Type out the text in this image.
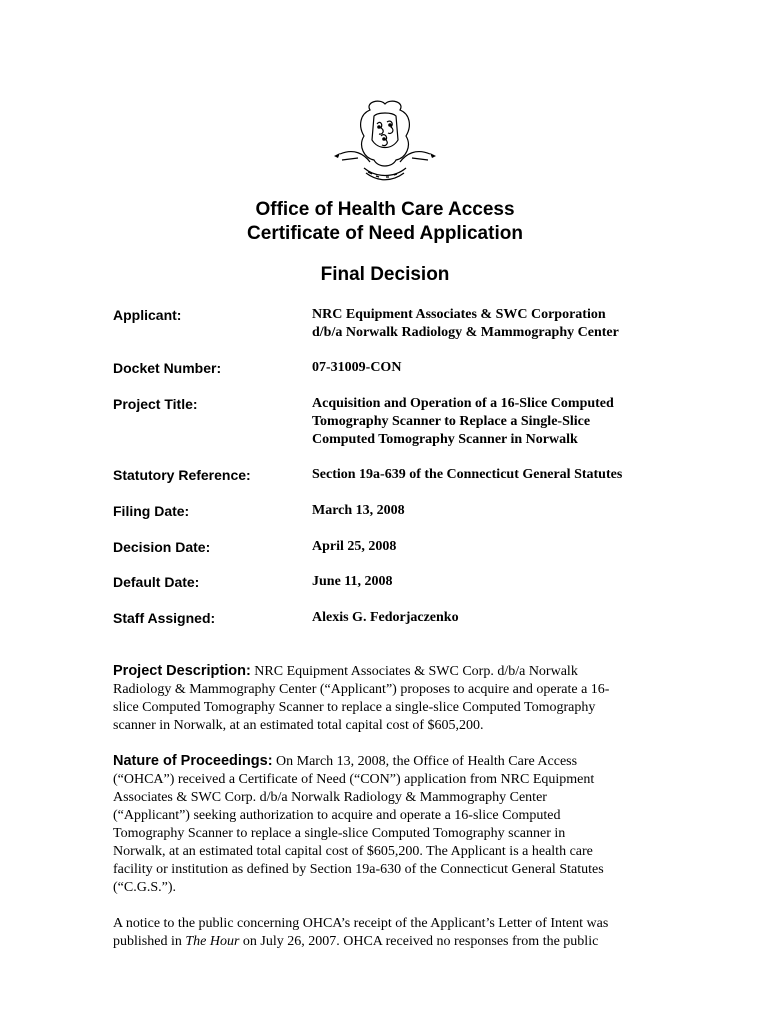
Office of Health Care Access
Certificate of Need Application
Final Decision
Applicant:	NRC Equipment Associates & SWC Corporation
d/b/a Norwalk Radiology & Mammography Center
Docket Number:	07-31009-CON
Project Title:	Acquisition and Operation of a 16-Slice Computed
Tomography Scanner to Replace a Single-Slice
Computed Tomography Scanner in Norwalk
Statutory Reference:	Section 19a-639 of the Connecticut General Statutes
Filing Date:	March 13, 2008
Decision Date:	April 25, 2008
Default Date:	June 11, 2008
Staff Assigned:	Alexis G. Fedorjaczenko
Project Description: NRC Equipment Associates & SWC Corp. d/b/a Norwalk
Radiology & Mammography Center (“Applicant”) proposes to acquire and operate a 16-
slice Computed Tomography Scanner to replace a single-slice Computed Tomography
scanner in Norwalk, at an estimated total capital cost of $605,200.
Nature of Proceedings: On March 13, 2008, the Office of Health Care Access
(“OHCA”) received a Certificate of Need (“CON”) application from NRC Equipment
Associates & SWC Corp. d/b/a Norwalk Radiology & Mammography Center
(“Applicant”) seeking authorization to acquire and operate a 16-slice Computed
Tomography Scanner to replace a single-slice Computed Tomography scanner in
Norwalk, at an estimated total capital cost of $605,200. The Applicant is a health care
facility or institution as defined by Section 19a-630 of the Connecticut General Statutes
(“C.G.S.”).
A notice to the public concerning OHCA’s receipt of the Applicant’s Letter of Intent was
published in The Hour on July 26, 2007. OHCA received no responses from the public
